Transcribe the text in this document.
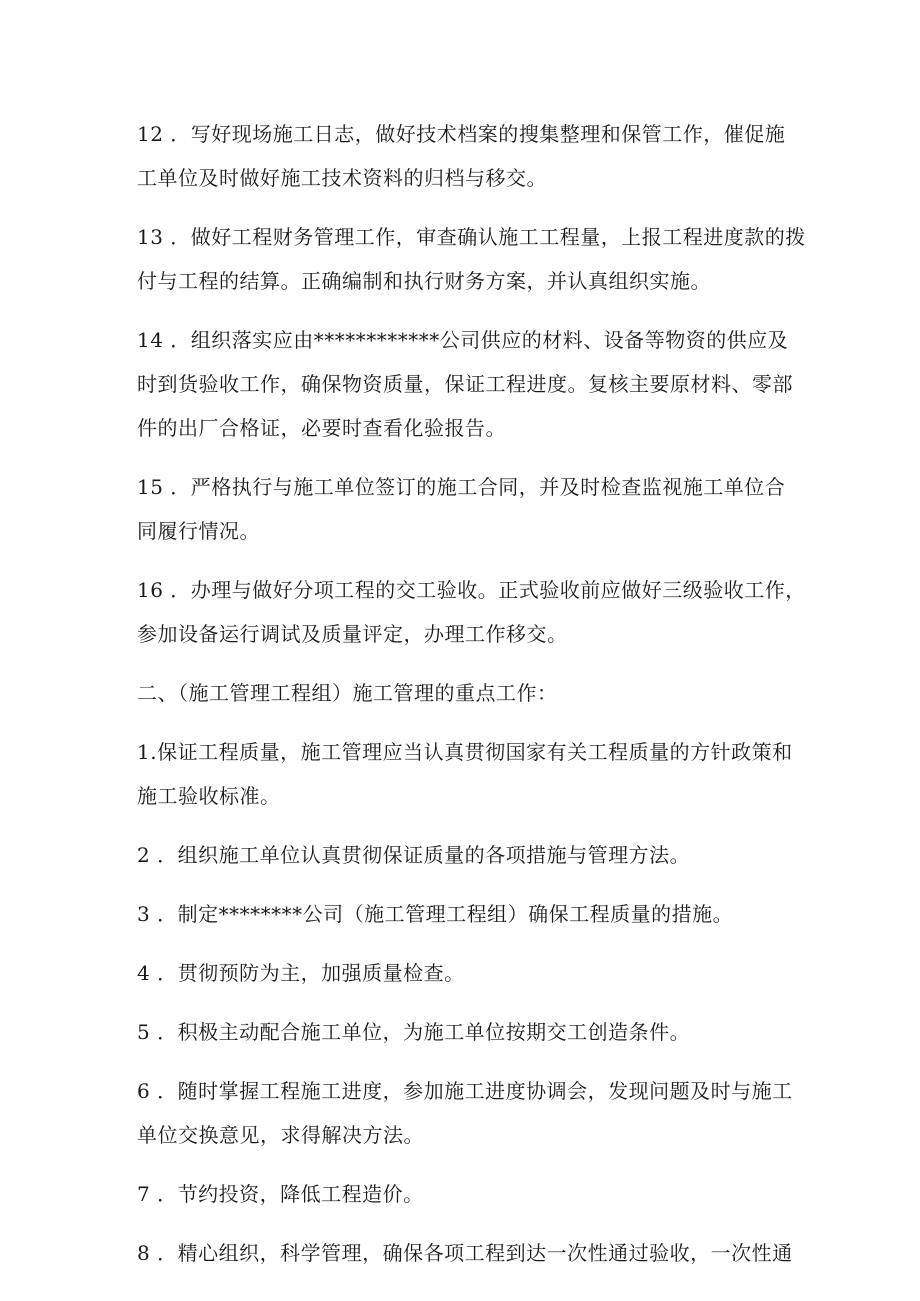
12 ．写好现场施工日志，做好技术档案的搜集整理和保管工作，催促施
工单位及时做好施工技术资料的归档与移交。
13 ．做好工程财务管理工作，审查确认施工工程量，上报工程进度款的拨
付与工程的结算。正确编制和执行财务方案，并认真组织实施。
14 ．组织落实应由************公司供应的材料、设备等物资的供应及
时到货验收工作，确保物资质量，保证工程进度。复核主要原材料、零部
件的出厂合格证，必要时查看化验报告。
15 ．严格执行与施工单位签订的施工合同，并及时检查监视施工单位合
同履行情况。
16 ．办理与做好分项工程的交工验收。正式验收前应做好三级验收工作，
参加设备运行调试及质量评定，办理工作移交。
二、（施工管理工程组）施工管理的重点工作：
1.保证工程质量，施工管理应当认真贯彻国家有关工程质量的方针政策和
施工验收标准。
2 ．组织施工单位认真贯彻保证质量的各项措施与管理方法。
3 ．制定********公司（施工管理工程组）确保工程质量的措施。
4 ．贯彻预防为主，加强质量检查。
5 ．积极主动配合施工单位，为施工单位按期交工创造条件。
6 ．随时掌握工程施工进度，参加施工进度协调会，发现问题及时与施工
单位交换意见，求得解决方法。
7 ．节约投资，降低工程造价。
8 ．精心组织，科学管理，确保各项工程到达一次性通过验收，一次性通
